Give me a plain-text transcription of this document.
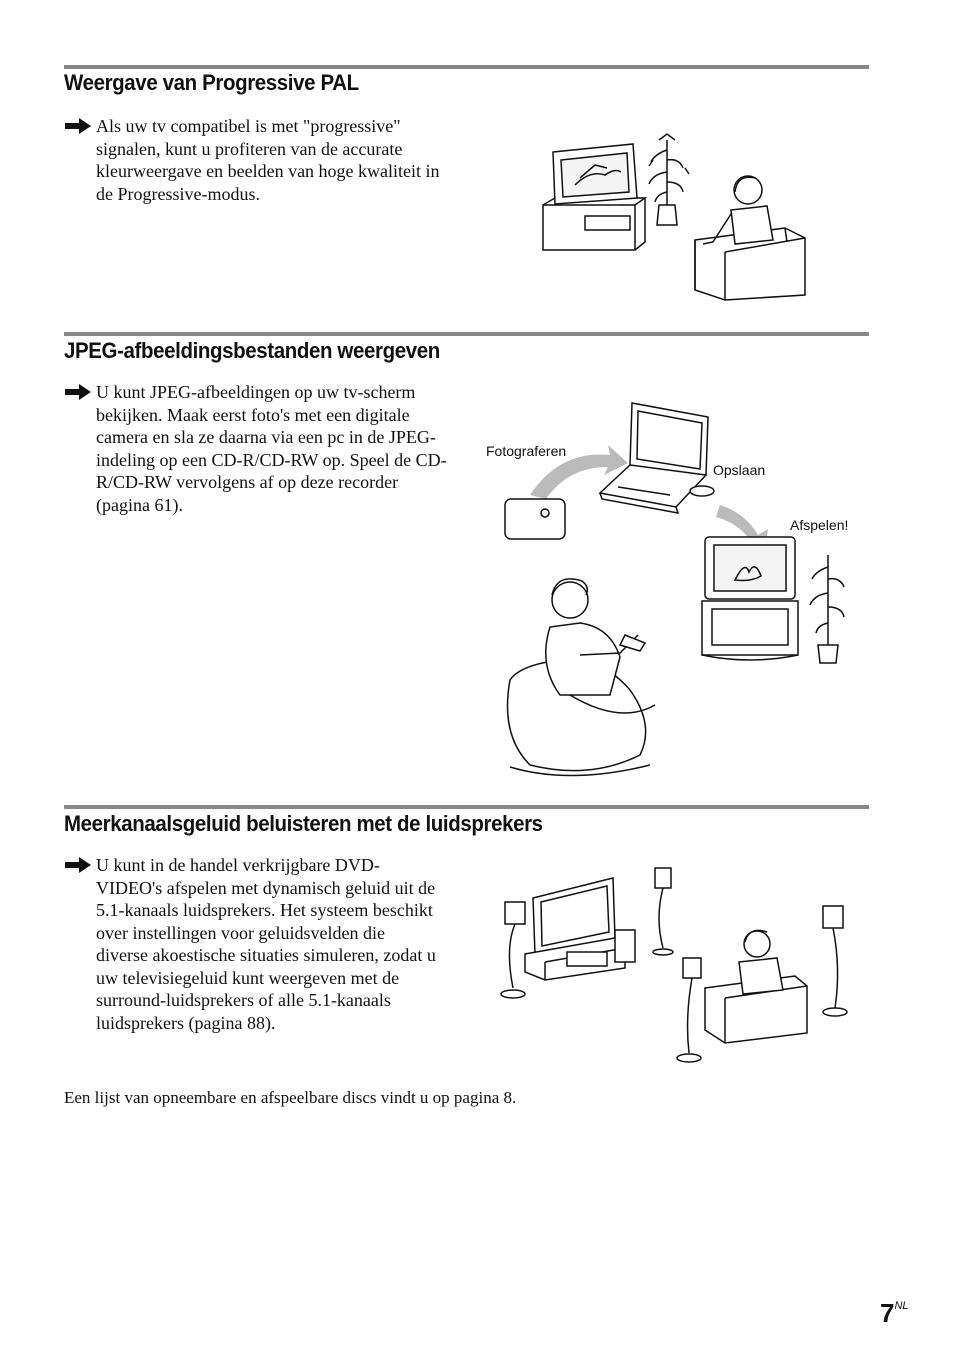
Weergave van Progressive PAL

Als uw tv compatibel is met "progressive" signalen, kunt u profiteren van de accurate kleurweergave en beelden van hoge kwaliteit in de Progressive-modus.

JPEG-afbeeldingsbestanden weergeven

U kunt JPEG-afbeeldingen op uw tv-scherm bekijken. Maak eerst foto's met een digitale camera en sla ze daarna via een pc in de JPEG-indeling op een CD-R/CD-RW op. Speel de CD-R/CD-RW vervolgens af op deze recorder (pagina 61).

Fotograferen
Opslaan
Afspelen!
Meerkanaalsgeluid beluisteren met de luidsprekers

U kunt in de handel verkrijgbare DVD-VIDEO's afspelen met dynamisch geluid uit de 5.1-kanaals luidsprekers. Het systeem beschikt over instellingen voor geluidsvelden die diverse akoestische situaties simuleren, zodat u uw televisiegeluid kunt weergeven met de surround-luidsprekers of alle 5.1-kanaals luidsprekers (pagina 88).

Een lijst van opneembare en afspeelbare discs vindt u op pagina 8.
$7^{NL}$
